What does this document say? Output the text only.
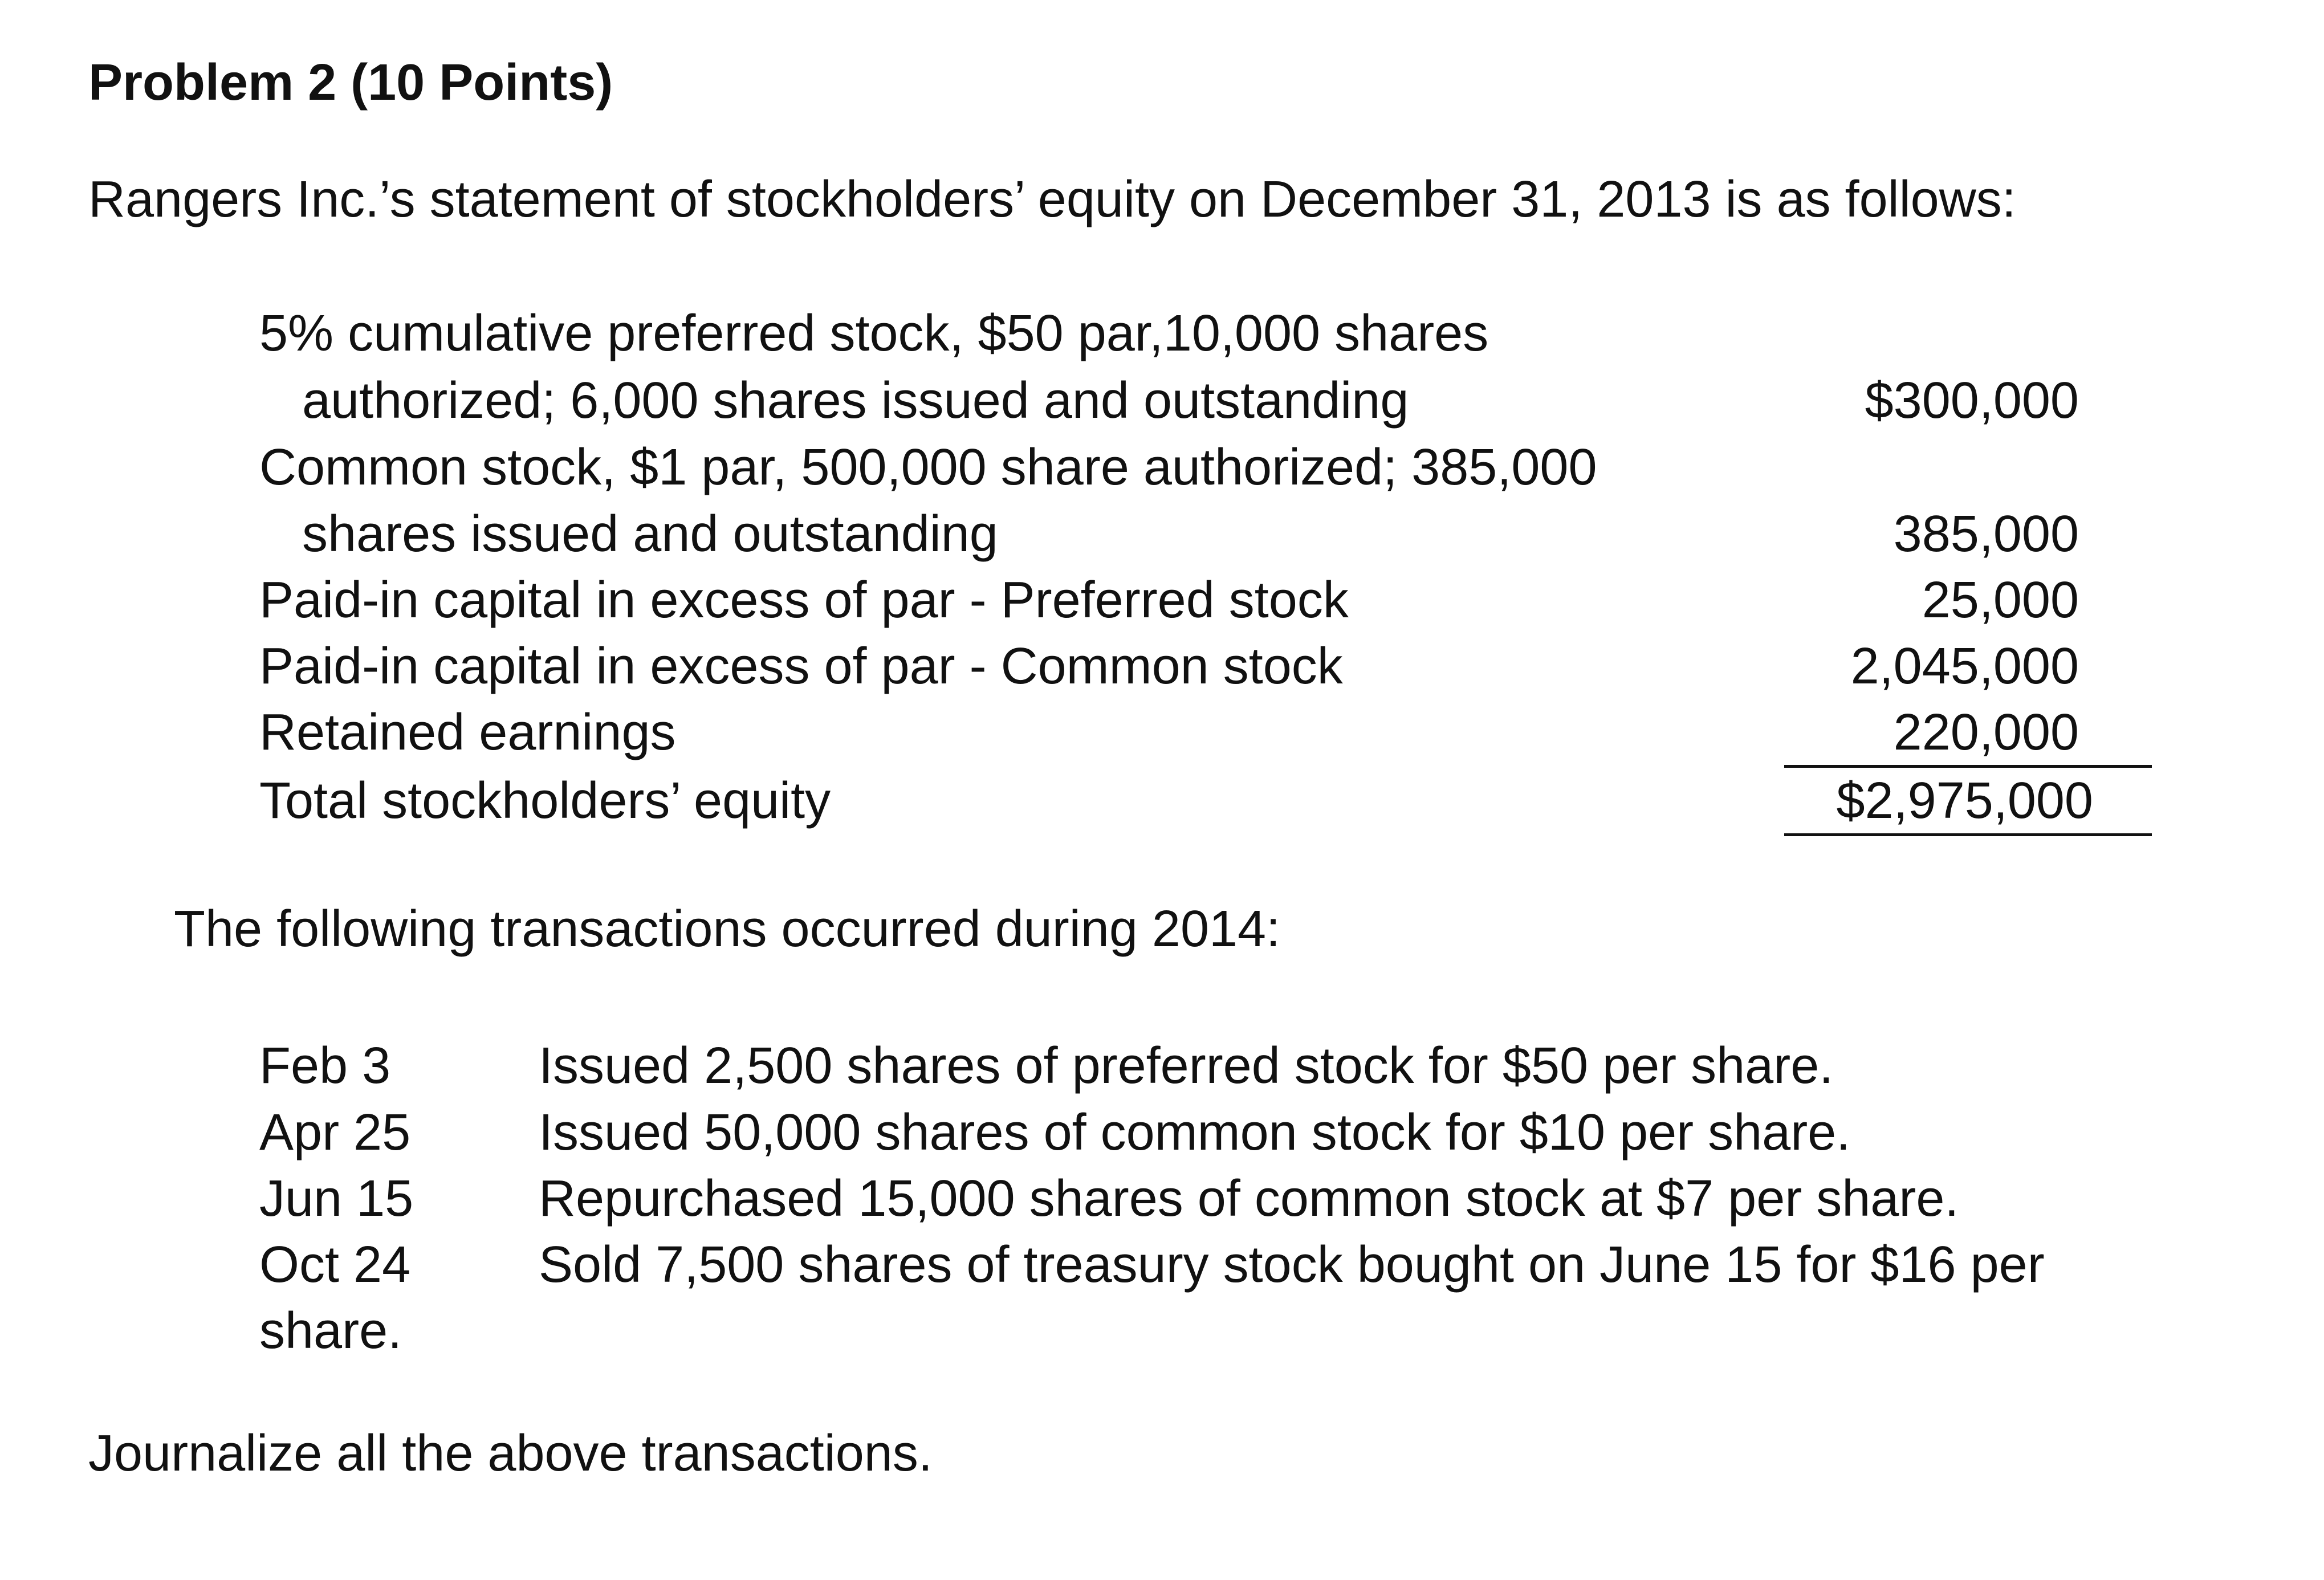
Problem 2 (10 Points)
Rangers Inc.’s statement of stockholders’ equity on December 31, 2013 is as follows:
5% cumulative preferred stock, $50 par,10,000 shares
authorized; 6,000 shares issued and outstanding	$300,000
Common stock, $1 par, 500,000 share authorized; 385,000
shares issued and outstanding	385,000
Paid-in capital in excess of par - Preferred stock	25,000
Paid-in capital in excess of par - Common stock	2,045,000
Retained earnings	220,000
Total stockholders’ equity	$2,975,000
The following transactions occurred during 2014:
Feb 3	Issued 2,500 shares of preferred stock for $50 per share.
Apr 25 Issued 50,000 shares of common stock for $10 per share.
Jun 15 Repurchased 15,000 shares of common stock at $7 per share.
Oct 24 Sold 7,500 shares of treasury stock bought on June 15 for $16 per
share.
Journalize all the above transactions.
